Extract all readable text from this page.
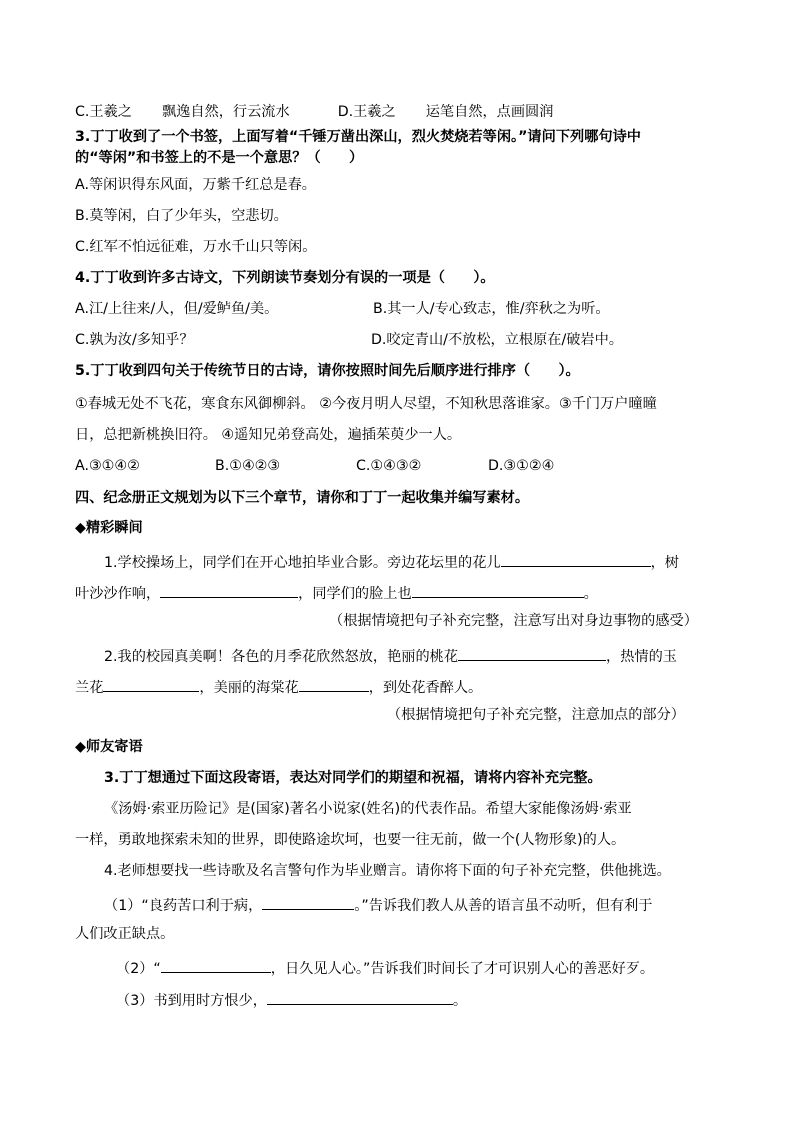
C.王羲之 飘逸自然，行云流水	D.王羲之 运笔自然，点画圆润
3.丁丁收到了一个书签，上面写着“千锤万凿出深山，烈火焚烧若等闲。”请问下列哪句诗中
的“等闲”和书签上的不是一个意思？（　　）
A.等闲识得东风面，万紫千红总是春。
B.莫等闲，白了少年头，空悲切。
C.红军不怕远征难，万水千山只等闲。
4.丁丁收到许多古诗文，下列朗读节奏划分有误的一项是（　　）。
A.江/上往来/人，但/爱鲈鱼/美。	B.其一人/专心致志，惟/弈秋之为听。
C.孰为汝/多知乎？	D.咬定青山/不放松，立根原在/破岩中。
5.丁丁收到四句关于传统节日的古诗，请你按照时间先后顺序进行排序（　　）。
①春城无处不飞花，寒食东风御柳斜。 ②今夜月明人尽望，不知秋思落谁家。③千门万户曈曈
日，总把新桃换旧符。 ④遥知兄弟登高处，遍插茱萸少一人。
A.③①④②	B.①④②③	C.①④③②	D.③①②④
四、纪念册正文规划为以下三个章节，请你和丁丁一起收集并编写素材。
◆精彩瞬间
1.学校操场上，同学们在开心地拍毕业合影。旁边花坛里的花儿	，树
叶沙沙作响，	，同学们的脸上也	。
（根据情境把句子补充完整，注意写出对身边事物的感受）
2.我的校园真美啊！各色的月季花欣然怒放，艳丽的桃花	，热情的玉
兰花	，美丽的海棠花	，到处花香醉人。
（根据情境把句子补充完整，注意加点的部分）
◆师友寄语
3.丁丁想通过下面这段寄语，表达对同学们的期望和祝福，请将内容补充完整。
《汤姆·索亚历险记》是(国家)著名小说家(姓名)的代表作品。希望大家能像汤姆·索亚
一样，勇敢地探索未知的世界，即使路途坎坷，也要一往无前，做一个(人物形象)的人。
4.老师想要找一些诗歌及名言警句作为毕业赠言。请你将下面的句子补充完整，供他挑选。
（1）“良药苦口利于病，	。”告诉我们教人从善的语言虽不动听，但有利于
人们改正缺点。
（2）“	，日久见人心。”告诉我们时间长了才可识别人心的善恶好歹。
（3）书到用时方恨少，	。
